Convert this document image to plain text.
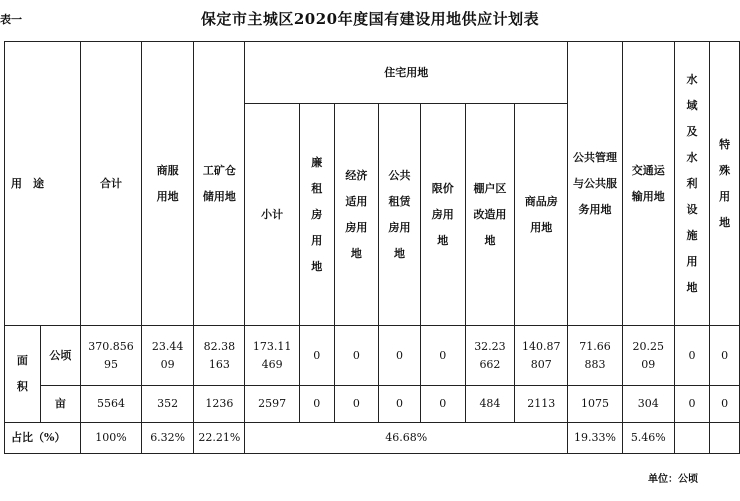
表一	保定市主城区2020年度国有建设用地供应计划表
用　途		合计	商服用地	工矿仓储用地	住宅用地							公共管理与公共服务用地	交通运输用地	水域及水利设施用地	特殊用地
					小计	廉租房用地	经济适用房用地	公共租赁房用地	限价房用地	棚户区改造用地	商品房用地				
面积	公顷	370.85695	23.4409	82.38163	173.11469	0	0	0	0	32.23662	140.87807	71.66883	20.2509	0	0
	亩	5564	352	1236	2597	0	0	0	0	484	2113	1075	304	0	0
占比（%）		100%	6.32%	22.21%	46.68%							19.33%	5.46%		
单位：公顷
